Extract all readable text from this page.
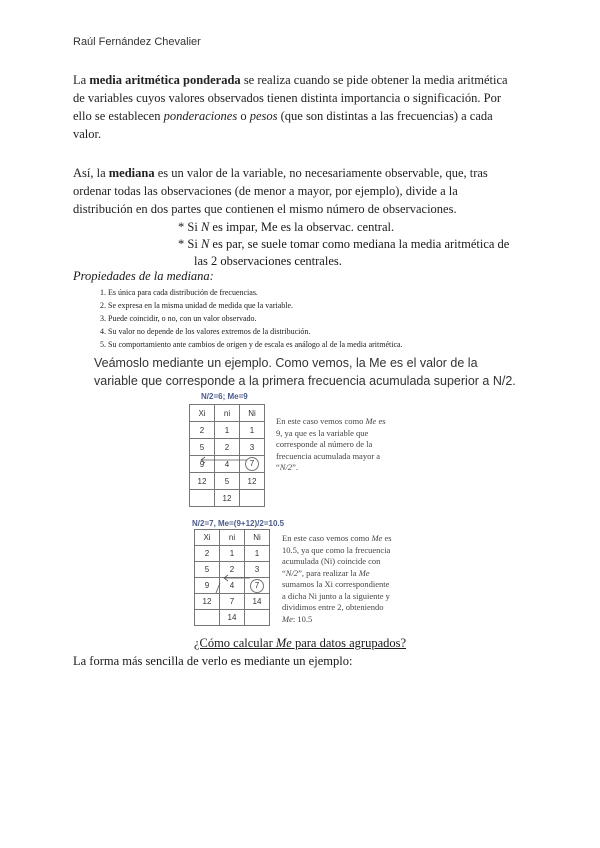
Raúl Fernández Chevalier
La media aritmética ponderada se realiza cuando se pide obtener la media aritmética de variables cuyos valores observados tienen distinta importancia o significación. Por ello se establecen ponderaciones o pesos (que son distintas a las frecuencias) a cada valor.
Así, la mediana es un valor de la variable, no necesariamente observable, que, tras ordenar todas las observaciones (de menor a mayor, por ejemplo), divide a la distribución en dos partes que contienen el mismo número de observaciones.
* Si N es impar, Me es la observac. central.
* Si N es par, se suele tomar como mediana la media aritmética de
las 2 observaciones centrales.
Propiedades de la mediana:
1. Es única para cada distribución de frecuencias.
2. Se expresa en la misma unidad de medida que la variable.
3. Puede coincidir, o no, con un valor observado.
4. Su valor no depende de los valores extremos de la distribución.
5. Su comportamiento ante cambios de origen y de escala es análogo al de la media aritmética.
Veámoslo mediante un ejemplo. Como vemos, la Me es el valor de la variable que corresponde a la primera frecuencia acumulada superior a N/2.
N/2=6; Me=9
Xi	ni	Ni
2	1	1
5	2	3
9	4	7
12	5	12
	12	
En este caso vemos como Me es 9, ya que es la variable que corresponde al número de la frecuencia acumulada mayor a “N/2”.
N/2=7, Me=(9+12)/2=10.5
Xi	ni	Ni
2	1	1
5	2	3
9	4	7
12	7	14
	14	
En este caso vemos como Me es 10.5, ya que como la frecuencia acumulada (Ni) coincide con “N/2”, para realizar la Me sumamos la Xi correspondiente a dicha Ni junto a la siguiente y dividimos entre 2, obteniendo Me: 10.5
¿Cómo calcular Me para datos agrupados?
La forma más sencilla de verlo es mediante un ejemplo:
